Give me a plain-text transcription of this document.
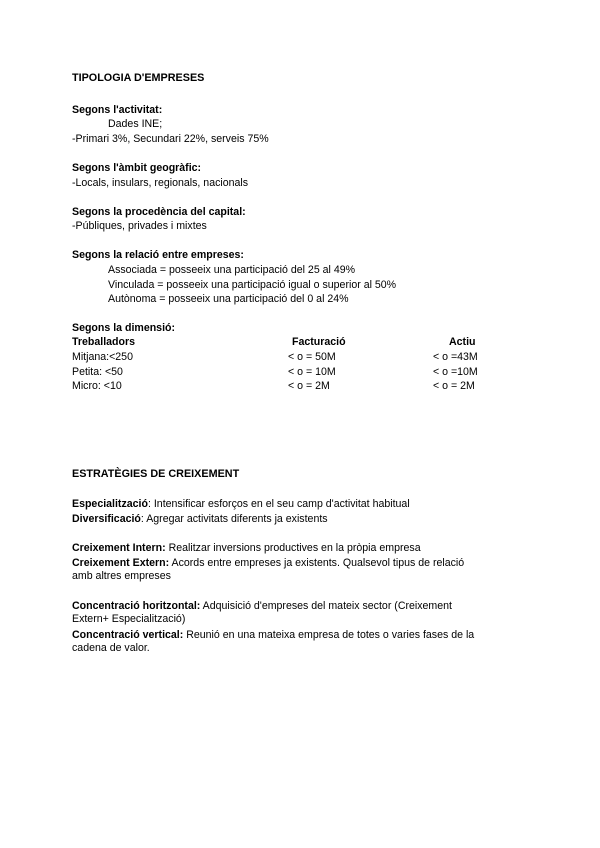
TIPOLOGIA D'EMPRESES
Segons l'activitat:
Dades INE;
-Primari 3%, Secundari 22%, serveis 75%
Segons l'àmbit geogràfic:
-Locals, insulars, regionals, nacionals
Segons la procedència del capital:
-Públiques, privades i mixtes
Segons la relació entre empreses:
Associada = posseeix una participació del 25 al 49%
Vinculada = posseeix una participació igual o superior al 50%
Autònoma = posseeix una participació del 0 al 24%
Segons la dimensió:
Treballadors	Facturació	Actiu
Mitjana:<250	< o = 50M	< o =43M
Petita: <50	< o = 10M	< o =10M
Micro: <10	< o = 2M	< o = 2M
ESTRATÈGIES DE CREIXEMENT
Especialització: Intensificar esforços en el seu camp d'activitat habitual
Diversificació: Agregar activitats diferents ja existents
Creixement Intern: Realitzar inversions productives en la pròpia empresa
Creixement Extern: Acords entre empreses ja existents. Qualsevol tipus de relació amb altres empreses
Concentració horitzontal: Adquisició d'empreses del mateix sector (Creixement Extern+ Especialització)
Concentració vertical: Reunió en una mateixa empresa de totes o varies fases de la cadena de valor.
